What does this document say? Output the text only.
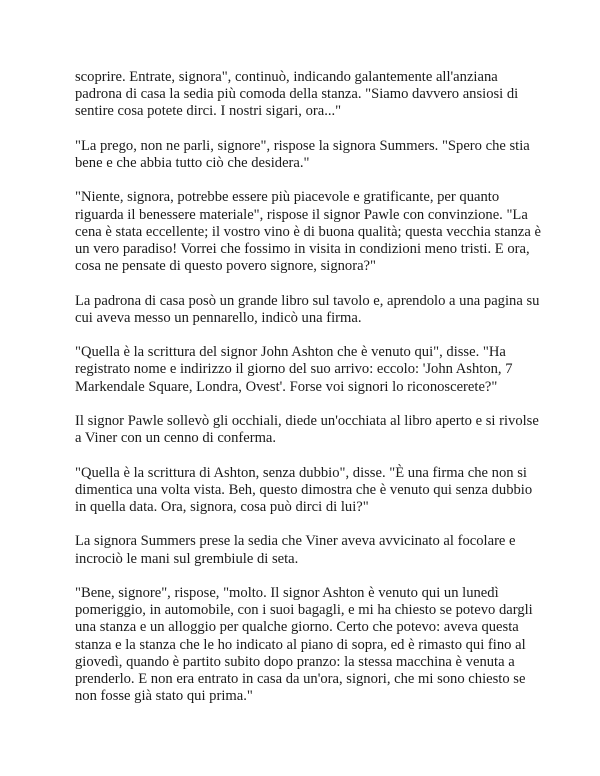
scoprire. Entrate, signora", continuò, indicando galantemente all'anziana padrona di casa la sedia più comoda della stanza. "Siamo davvero ansiosi di sentire cosa potete dirci. I nostri sigari, ora..."

"La prego, non ne parli, signore", rispose la signora Summers. "Spero che stia bene e che abbia tutto ciò che desidera."

"Niente, signora, potrebbe essere più piacevole e gratificante, per quanto riguarda il benessere materiale", rispose il signor Pawle con convinzione. "La cena è stata eccellente; il vostro vino è di buona qualità; questa vecchia stanza è un vero paradiso! Vorrei che fossimo in visita in condizioni meno tristi. E ora, cosa ne pensate di questo povero signore, signora?"

La padrona di casa posò un grande libro sul tavolo e, aprendolo a una pagina su cui aveva messo un pennarello, indicò una firma.

"Quella è la scrittura del signor John Ashton che è venuto qui", disse. "Ha registrato nome e indirizzo il giorno del suo arrivo: eccolo: 'John Ashton, 7 Markendale Square, Londra, Ovest'. Forse voi signori lo riconoscerete?"

Il signor Pawle sollevò gli occhiali, diede un'occhiata al libro aperto e si rivolse a Viner con un cenno di conferma.

"Quella è la scrittura di Ashton, senza dubbio", disse. "È una firma che non si dimentica una volta vista. Beh, questo dimostra che è venuto qui senza dubbio in quella data. Ora, signora, cosa può dirci di lui?"

La signora Summers prese la sedia che Viner aveva avvicinato al focolare e incrociò le mani sul grembiule di seta.

"Bene, signore", rispose, "molto. Il signor Ashton è venuto qui un lunedì pomeriggio, in automobile, con i suoi bagagli, e mi ha chiesto se potevo dargli una stanza e un alloggio per qualche giorno. Certo che potevo: aveva questa stanza e la stanza che le ho indicato al piano di sopra, ed è rimasto qui fino al giovedì, quando è partito subito dopo pranzo: la stessa macchina è venuta a prenderlo. E non era entrato in casa da un'ora, signori, che mi sono chiesto se non fosse già stato qui prima."
